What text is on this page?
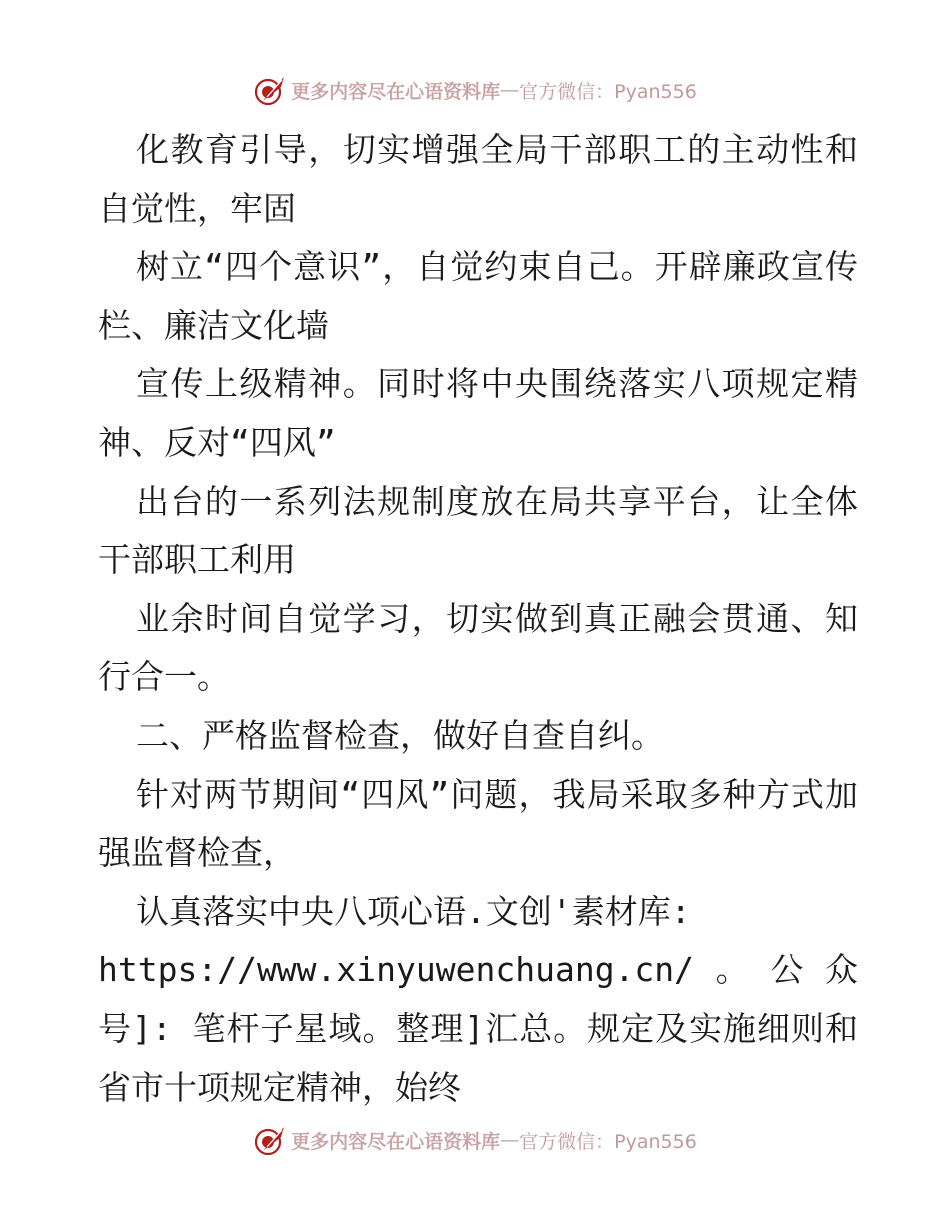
更多内容尽在心语资料库 — 官方微信：Pyan556

化教育引导，切实增强全局干部职工的主动性和自觉性，牢固

树立“四个意识”，自觉约束自己。开辟廉政宣传栏、廉洁文化墙

宣传上级精神。同时将中央围绕落实八项规定精神、反对“四风”

出台的一系列法规制度放在局共享平台，让全体干部职工利用

业余时间自觉学习，切实做到真正融会贯通、知行合一。

二、严格监督检查，做好自查自纠。

针对两节期间“四风”问题，我局采取多种方式加强监督检查，

认真落实中央八项心语.文创'素材库:

https://www.xinyuwenchuang.cn/。公众号]: 笔杆子星域。整理]汇总。规定及实施细则和省市十项规定精神，始终

更多内容尽在心语资料库 — 官方微信：Pyan556
